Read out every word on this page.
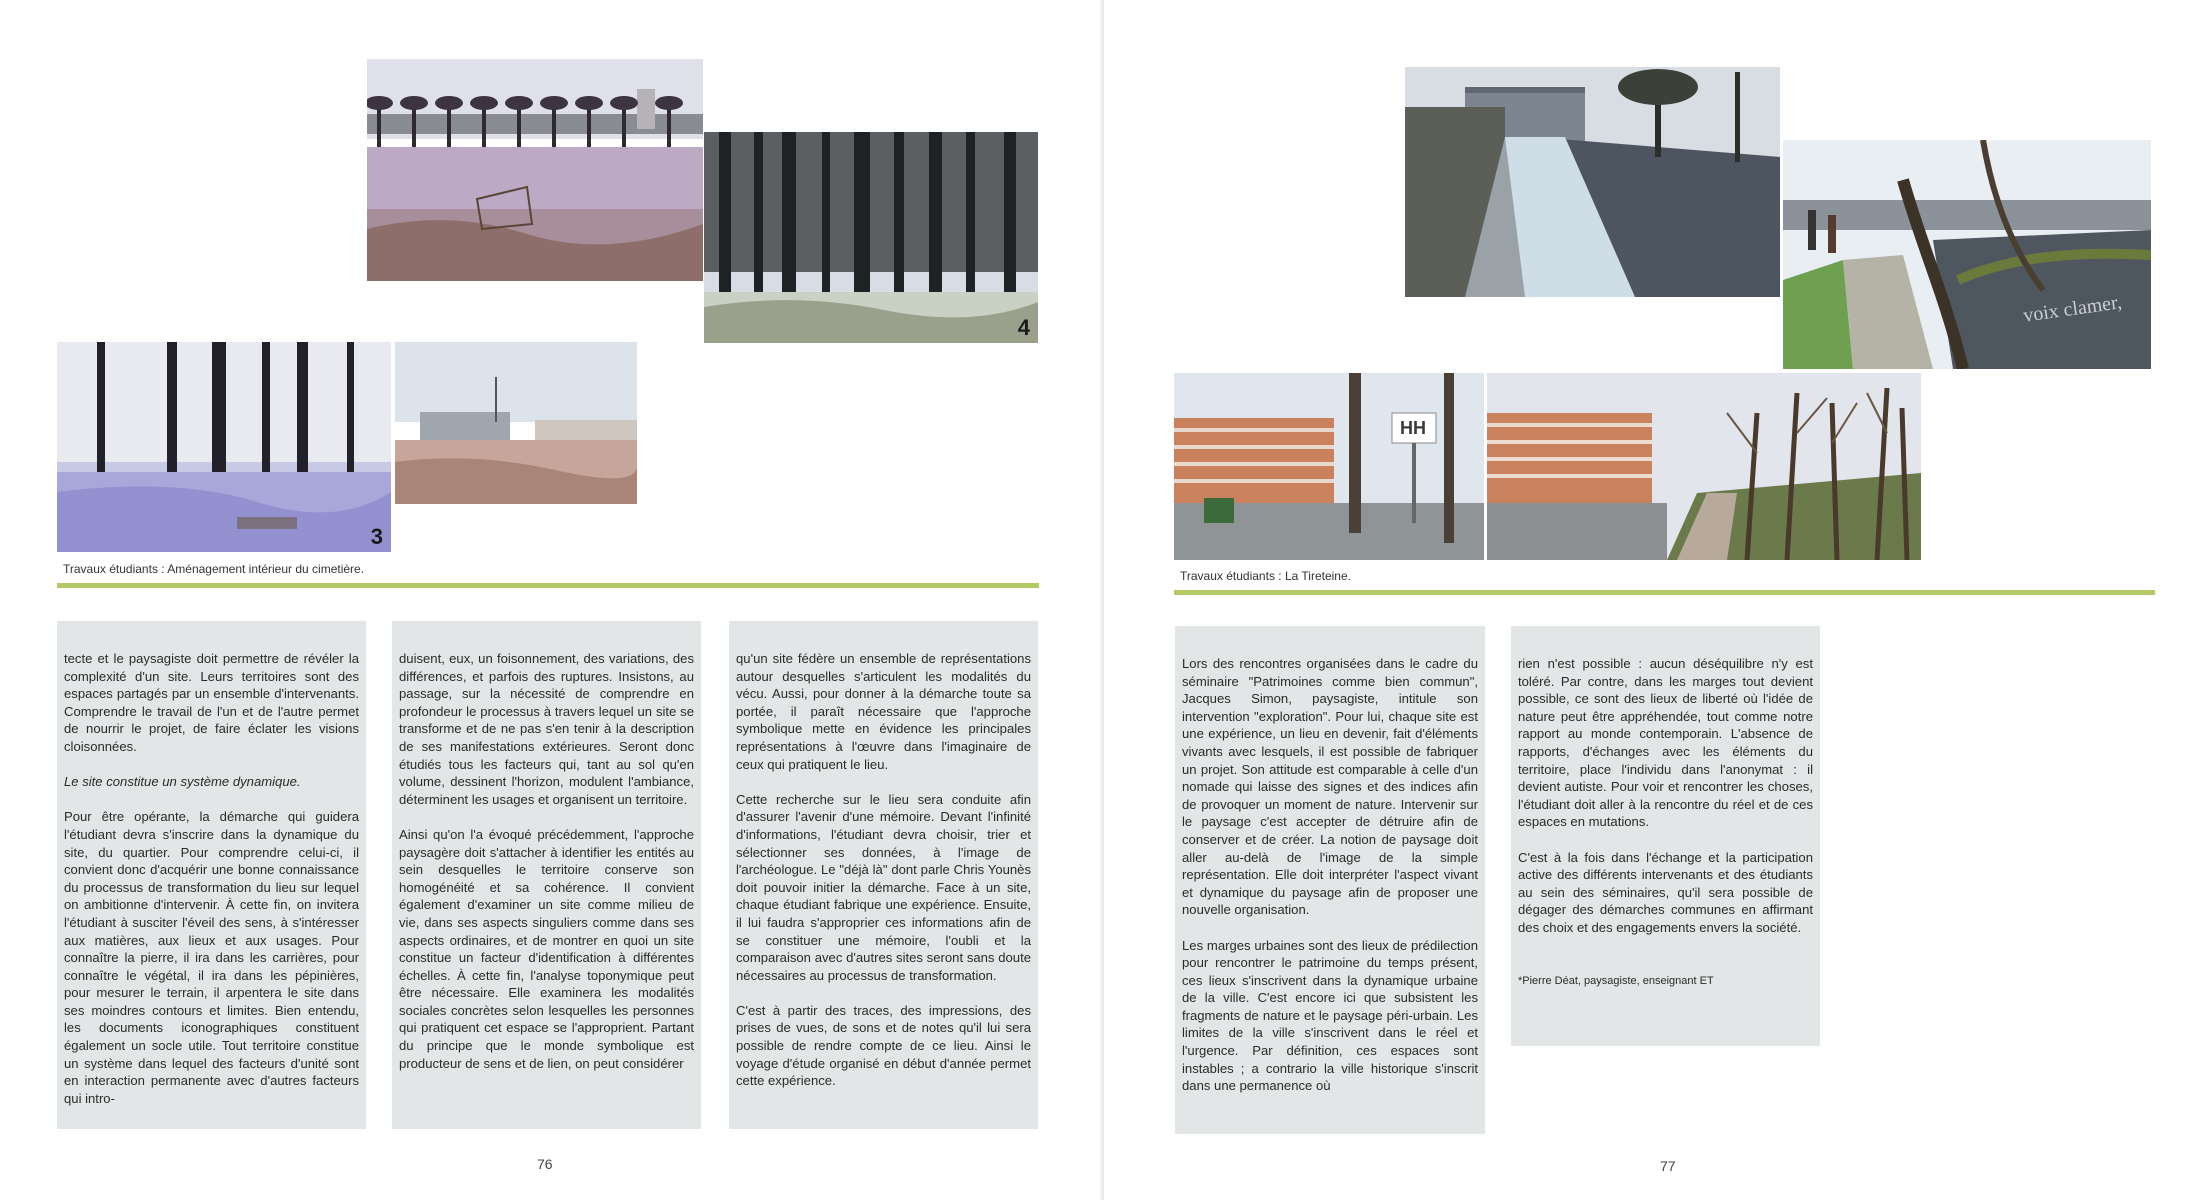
4
3
Travaux étudiants : Aménagement intérieur du cimetière.

tecte et le paysagiste doit permettre de révéler la complexité d'un site. Leurs territoires sont des espaces partagés par un ensemble d'intervenants. Comprendre le travail de l'un et de l'autre permet de nourrir le projet, de faire éclater les visions cloisonnées.

Le site constitue un système dynamique.

Pour être opérante, la démarche qui guidera l'étudiant devra s'inscrire dans la dynamique du site, du quartier. Pour comprendre celui-ci, il convient donc d'acquérir une bonne connaissance du processus de transformation du lieu sur lequel on ambitionne d'intervenir. À cette fin, on invitera l'étudiant à susciter l'éveil des sens, à s'intéresser aux matières, aux lieux et aux usages. Pour connaître la pierre, il ira dans les carrières, pour connaître le végétal, il ira dans les pépinières, pour mesurer le terrain, il arpentera le site dans ses moindres contours et limites. Bien entendu, les documents iconographiques constituent également un socle utile. Tout territoire constitue un système dans lequel des facteurs d'unité sont en interaction permanente avec d'autres facteurs qui intro-

duisent, eux, un foisonnement, des variations, des différences, et parfois des ruptures. Insistons, au passage, sur la nécessité de comprendre en profondeur le processus à travers lequel un site se transforme et de ne pas s'en tenir à la description de ses manifestations extérieures. Seront donc étudiés tous les facteurs qui, tant au sol qu'en volume, dessinent l'horizon, modulent l'ambiance, déterminent les usages et organisent un territoire.

Ainsi qu'on l'a évoqué précédemment, l'approche paysagère doit s'attacher à identifier les entités au sein desquelles le territoire conserve son homogénéité et sa cohérence. Il convient également d'examiner un site comme milieu de vie, dans ses aspects singuliers comme dans ses aspects ordinaires, et de montrer en quoi un site constitue un facteur d'identification à différentes échelles. À cette fin, l'analyse toponymique peut être nécessaire. Elle examinera les modalités sociales concrètes selon lesquelles les personnes qui pratiquent cet espace se l'approprient. Partant du principe que le monde symbolique est producteur de sens et de lien, on peut considérer

qu'un site fédère un ensemble de représentations autour desquelles s'articulent les modalités du vécu. Aussi, pour donner à la démarche toute sa portée, il paraît nécessaire que l'approche symbolique mette en évidence les principales représentations à l'œuvre dans l'imaginaire de ceux qui pratiquent le lieu.

Cette recherche sur le lieu sera conduite afin d'assurer l'avenir d'une mémoire. Devant l'infinité d'informations, l'étudiant devra choisir, trier et sélectionner ses données, à l'image de l'archéologue. Le "déjà là" dont parle Chris Younès doit pouvoir initier la démarche. Face à un site, chaque étudiant fabrique une expérience. Ensuite, il lui faudra s'approprier ces informations afin de se constituer une mémoire, l'oubli et la comparaison avec d'autres sites seront sans doute nécessaires au processus de transformation.

C'est à partir des traces, des impressions, des prises de vues, de sons et de notes qu'il lui sera possible de rendre compte de ce lieu. Ainsi le voyage d'étude organisé en début d'année permet cette expérience.

76
voix clamer,
HH
Travaux étudiants : La Tireteine.

Lors des rencontres organisées dans le cadre du séminaire "Patrimoines comme bien commun", Jacques Simon, paysagiste, intitule son intervention "exploration". Pour lui, chaque site est une expérience, un lieu en devenir, fait d'éléments vivants avec lesquels, il est possible de fabriquer un projet. Son attitude est comparable à celle d'un nomade qui laisse des signes et des indices afin de provoquer un moment de nature. Intervenir sur le paysage c'est accepter de détruire afin de conserver et de créer. La notion de paysage doit aller au-delà de l'image de la simple représentation. Elle doit interpréter l'aspect vivant et dynamique du paysage afin de proposer une nouvelle organisation.

Les marges urbaines sont des lieux de prédilection pour rencontrer le patrimoine du temps présent, ces lieux s'inscrivent dans la dynamique urbaine de la ville. C'est encore ici que subsistent les fragments de nature et le paysage péri-urbain. Les limites de la ville s'inscrivent dans le réel et l'urgence. Par définition, ces espaces sont instables ; a contrario la ville historique s'inscrit dans une permanence où

rien n'est possible : aucun déséquilibre n'y est toléré. Par contre, dans les marges tout devient possible, ce sont des lieux de liberté où l'idée de nature peut être appréhendée, tout comme notre rapport au monde contemporain. L'absence de rapports, d'échanges avec les éléments du territoire, place l'individu dans l'anonymat : il devient autiste. Pour voir et rencontrer les choses, l'étudiant doit aller à la rencontre du réel et de ces espaces en mutations.

C'est à la fois dans l'échange et la participation active des différents intervenants et des étudiants au sein des séminaires, qu'il sera possible de dégager des démarches communes en affirmant des choix et des engagements envers la société.

*Pierre Déat, paysagiste, enseignant ET

77
